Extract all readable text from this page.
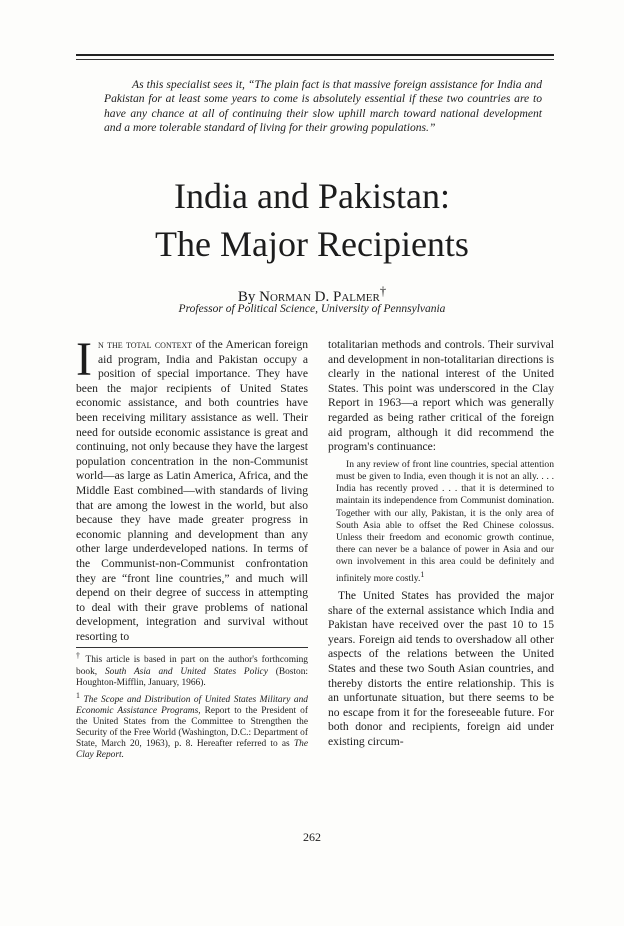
As this specialist sees it, “The plain fact is that massive foreign assistance for India and Pakistan for at least some years to come is absolutely essential if these two countries are to have any chance at all of continuing their slow uphill march toward national development and a more tolerable standard of living for their growing populations.”

India and Pakistan:
The Major Recipients

By Norman D. Palmer†

Professor of Political Science, University of Pennsylvania

In the total context of the American foreign aid program, India and Pakistan occupy a position of special importance. They have been the major recipients of United States economic assistance, and both countries have been receiving military assistance as well. Their need for outside economic assistance is great and continuing, not only because they have the largest population concentration in the non-Communist world—as large as Latin America, Africa, and the Middle East combined—with standards of living that are among the lowest in the world, but also because they have made greater progress in economic planning and development than any other large underdeveloped nations. In terms of the Communist-non-Communist confrontation they are “front line countries,” and much will depend on their degree of success in attempting to deal with their grave problems of national development, integration and survival without resorting to

† This article is based in part on the author's forthcoming book, South Asia and United States Policy (Boston: Houghton-Mifflin, January, 1966).

$^1$ The Scope and Distribution of United States Military and Economic Assistance Programs, Report to the President of the United States from the Committee to Strengthen the Security of the Free World (Washington, D.C.: Department of State, March 20, 1963), p. 8. Hereafter referred to as The Clay Report.

totalitarian methods and controls. Their survival and development in non-totalitarian directions is clearly in the national interest of the United States. This point was underscored in the Clay Report in 1963—a report which was generally regarded as being rather critical of the foreign aid program, although it did recommend the program's continuance:

In any review of front line countries, special attention must be given to India, even though it is not an ally. . . . India has recently proved . . . that it is determined to maintain its independence from Communist domination. Together with our ally, Pakistan, it is the only area of South Asia able to offset the Red Chinese colossus. Unless their freedom and economic growth continue, there can never be a balance of power in Asia and our own involvement in this area could be definitely and infinitely more costly.$^1$

The United States has provided the major share of the external assistance which India and Pakistan have received over the past 10 to 15 years. Foreign aid tends to overshadow all other aspects of the relations between the United States and these two South Asian countries, and thereby distorts the entire relationship. This is an unfortunate situation, but there seems to be no escape from it for the foreseeable future. For both donor and recipients, foreign aid under existing circum-

262
